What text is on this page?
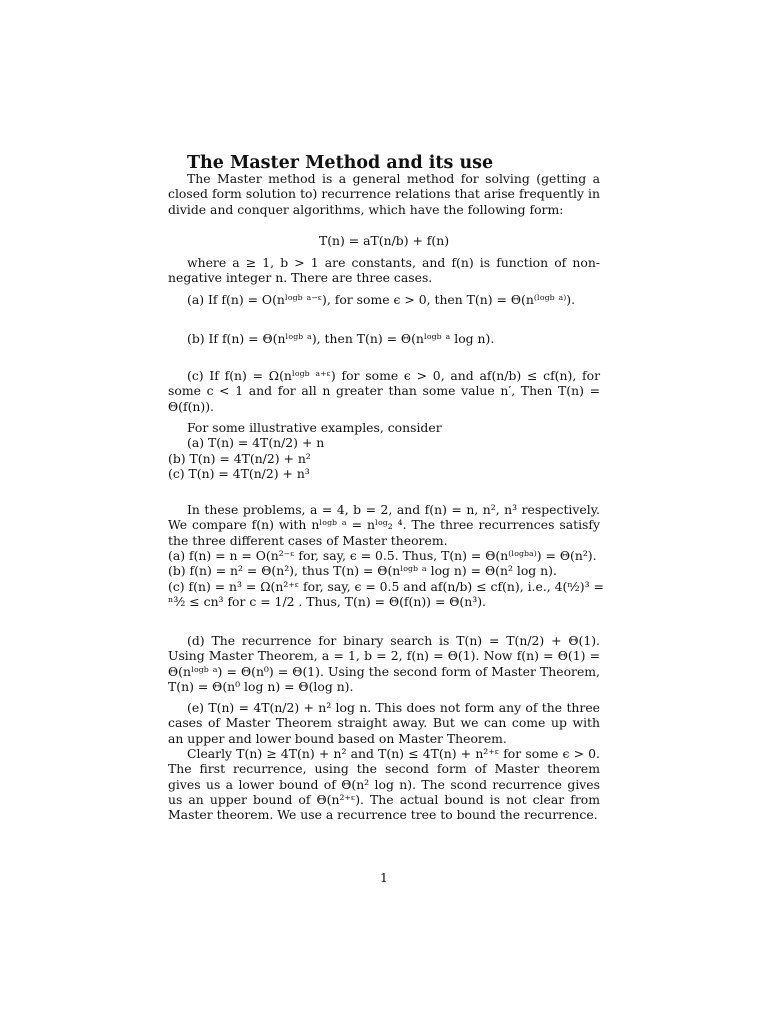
The Master Method and its use

The Master method is a general method for solving (getting a closed form solution to) recurrence relations that arise frequently in divide and conquer algorithms, which have the following form:

T(n) = aT(n/b) + f(n)

where a ≥ 1, b > 1 are constants, and f(n) is function of non-negative integer n. There are three cases.

(a) If f(n) = O(nˡᵒᵍᵇ ᵃ⁻ᵋ), for some ϵ > 0, then T(n) = Θ(n⁽ˡᵒᵍᵇ ᵃ⁾).

(b) If f(n) = Θ(nˡᵒᵍᵇ ᵃ), then T(n) = Θ(nˡᵒᵍᵇ ᵃ log n).

(c) If f(n) = Ω(nˡᵒᵍᵇ ᵃ⁺ᵋ) for some ϵ > 0, and af(n/b) ≤ cf(n), for some c < 1 and for all n greater than some value n′, Then T(n) = Θ(f(n)).

For some illustrative examples, consider
(a) T(n) = 4T(n/2) + n
(b) T(n) = 4T(n/2) + n²
(c) T(n) = 4T(n/2) + n³

In these problems, a = 4, b = 2, and f(n) = n, n², n³ respectively. We compare f(n) with nˡᵒᵍᵇ ᵃ = nˡᵒᵍ₂ ⁴. The three recurrences satisfy the three different cases of Master theorem.

(a) f(n) = n = O(n²⁻ᵋ for, say, ϵ = 0.5. Thus, T(n) = Θ(n⁽ˡᵒᵍᵇᵃ⁾) = Θ(n²).
(b) f(n) = n² = Θ(n²), thus T(n) = Θ(nˡᵒᵍᵇ ᵃ log n) = Θ(n² log n).
(c) f(n) = n³ = Ω(n²⁺ᵋ for, say, ϵ = 0.5 and af(n/b) ≤ cf(n), i.e., 4(ⁿ⁄₂)³ =
ⁿ³⁄₂ ≤ cn³ for c = 1/2 . Thus, T(n) = Θ(f(n)) = Θ(n³).

(d) The recurrence for binary search is T(n) = T(n/2) + Θ(1). Using Master Theorem, a = 1, b = 2, f(n) = Θ(1). Now f(n) = Θ(1) = Θ(nˡᵒᵍᵇ ᵃ) = Θ(n⁰) = Θ(1). Using the second form of Master Theorem, T(n) = Θ(n⁰ log n) = Θ(log n).

(e) T(n) = 4T(n/2) + n² log n. This does not form any of the three cases of Master Theorem straight away. But we can come up with an upper and lower bound based on Master Theorem.

Clearly T(n) ≥ 4T(n) + n² and T(n) ≤ 4T(n) + n²⁺ᵋ for some ϵ > 0. The first recurrence, using the second form of Master theorem gives us a lower bound of Θ(n² log n). The scond recurrence gives us an upper bound of Θ(n²⁺ᵋ). The actual bound is not clear from Master theorem. We use a recurrence tree to bound the recurrence.

1
